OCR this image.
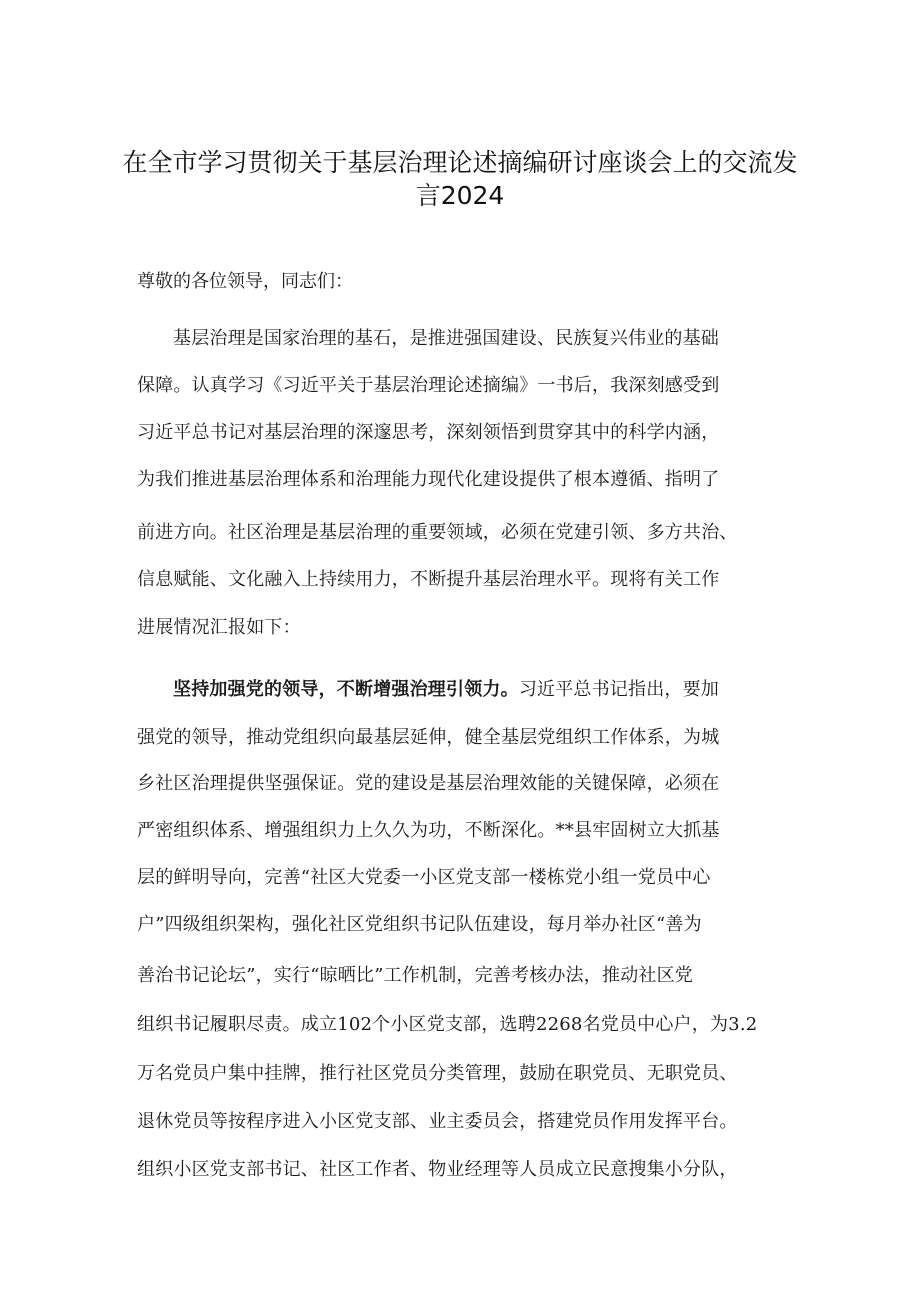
在全市学习贯彻关于基层治理论述摘编研讨座谈会上的交流发
言2024
尊敬的各位领导，同志们：
基层治理是国家治理的基石，是推进强国建设、民族复兴伟业的基础
保障。认真学习《习近平关于基层治理论述摘编》一书后，我深刻感受到
习近平总书记对基层治理的深邃思考，深刻领悟到贯穿其中的科学内涵，
为我们推进基层治理体系和治理能力现代化建设提供了根本遵循、指明了
前进方向。社区治理是基层治理的重要领域，必须在党建引领、多方共治、
信息赋能、文化融入上持续用力，不断提升基层治理水平。现将有关工作
进展情况汇报如下：
坚持加强党的领导，不断增强治理引领力。习近平总书记指出，要加
强党的领导，推动党组织向最基层延伸，健全基层党组织工作体系，为城
乡社区治理提供坚强保证。党的建设是基层治理效能的关键保障，必须在
严密组织体系、增强组织力上久久为功，不断深化。**县牢固树立大抓基
层的鲜明导向，完善“社区大党委一小区党支部一楼栋党小组一党员中心
户”四级组织架构，强化社区党组织书记队伍建设，每月举办社区“善为
善治书记论坛”，实行“晾晒比”工作机制，完善考核办法，推动社区党
组织书记履职尽责。成立102个小区党支部，选聘2268名党员中心户，为3.2
万名党员户集中挂牌，推行社区党员分类管理，鼓励在职党员、无职党员、
退休党员等按程序进入小区党支部、业主委员会，搭建党员作用发挥平台。
组织小区党支部书记、社区工作者、物业经理等人员成立民意搜集小分队，
